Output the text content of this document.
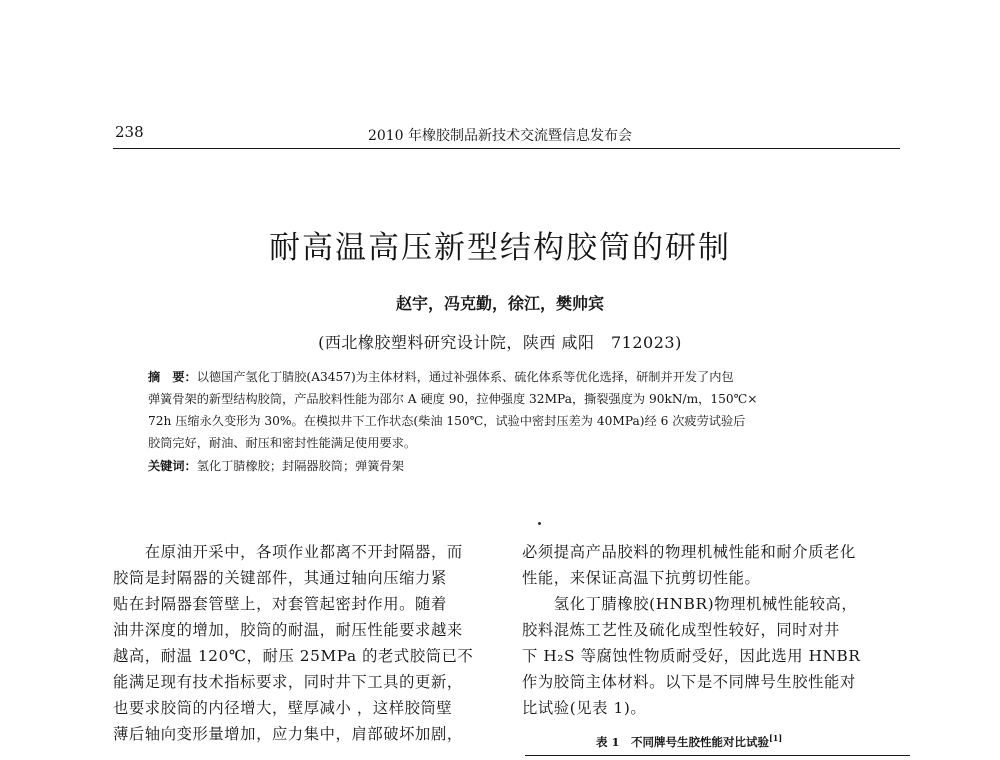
238	2010 年橡胶制品新技术交流暨信息发布会
耐高温高压新型结构胶筒的研制
赵宇，冯克勤，徐江，樊帅宾
(西北橡胶塑料研究设计院，陕西 咸阳　712023)
摘　要：以德国产氢化丁腈胶(A3457)为主体材料，通过补强体系、硫化体系等优化选择，研制并开发了内包
弹簧骨架的新型结构胶筒，产品胶料性能为邵尔 A 硬度 90，拉伸强度 32MPa，撕裂强度为 90kN/m，150℃×
72h 压缩永久变形为 30%。在模拟井下工作状态(柴油 150℃，试验中密封压差为 40MPa)经 6 次疲劳试验后
胶筒完好，耐油、耐压和密封性能满足使用要求。
关键词：氢化丁腈橡胶；封隔器胶筒；弹簧骨架
　　在原油开采中，各项作业都离不开封隔器，而
胶筒是封隔器的关键部件，其通过轴向压缩力紧
贴在封隔器套管壁上，对套管起密封作用。随着
油井深度的增加，胶筒的耐温，耐压性能要求越来
越高，耐温 120℃，耐压 25MPa 的老式胶筒已不
能满足现有技术指标要求，同时井下工具的更新，
也要求胶筒的内径增大，壁厚减小 ，这样胶筒壁
薄后轴向变形量增加，应力集中，肩部破坏加剧，
必须提高产品胶料的物理机械性能和耐介质老化
性能，来保证高温下抗剪切性能。
　　氢化丁腈橡胶(HNBR)物理机械性能较高，
胶料混炼工艺性及硫化成型性较好，同时对井
下 H₂S 等腐蚀性物质耐受好，因此选用 HNBR
作为胶筒主体材料。以下是不同牌号生胶性能对
比试验(见表 1)。
表 1　不同牌号生胶性能对比试验[1]
